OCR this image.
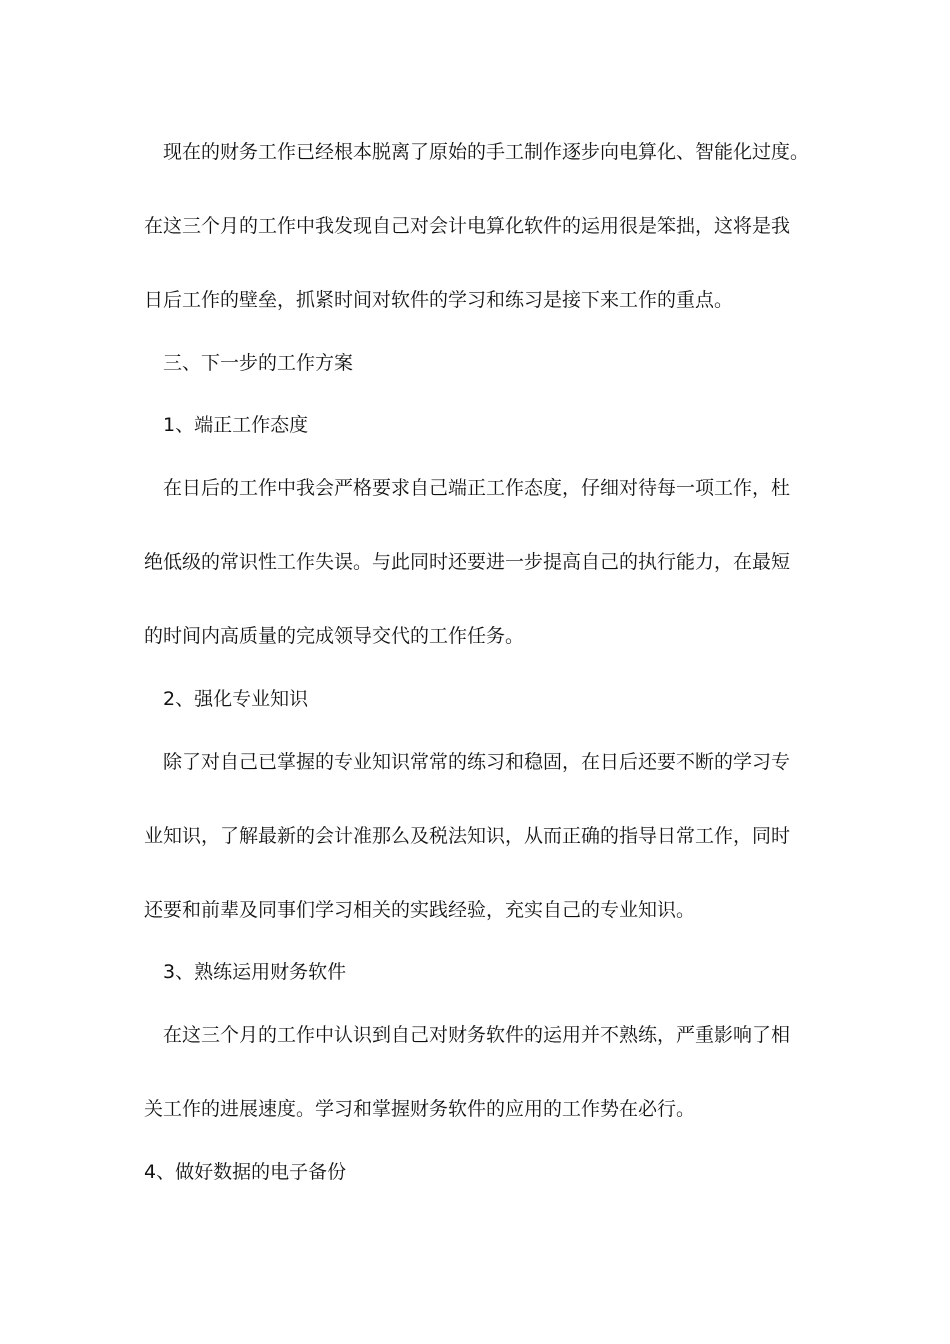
现在的财务工作已经根本脱离了原始的手工制作逐步向电算化、智能化过度。
在这三个月的工作中我发现自己对会计电算化软件的运用很是笨拙，这将是我
日后工作的壁垒，抓紧时间对软件的学习和练习是接下来工作的重点。
三、下一步的工作方案
1、端正工作态度
在日后的工作中我会严格要求自己端正工作态度，仔细对待每一项工作，杜
绝低级的常识性工作失误。与此同时还要进一步提高自己的执行能力，在最短
的时间内高质量的完成领导交代的工作任务。
2、强化专业知识
除了对自己已掌握的专业知识常常的练习和稳固，在日后还要不断的学习专
业知识，了解最新的会计准那么及税法知识，从而正确的指导日常工作，同时
还要和前辈及同事们学习相关的实践经验，充实自己的专业知识。
3、熟练运用财务软件
在这三个月的工作中认识到自己对财务软件的运用并不熟练，严重影响了相
关工作的进展速度。学习和掌握财务软件的应用的工作势在必行。
4、做好数据的电子备份
